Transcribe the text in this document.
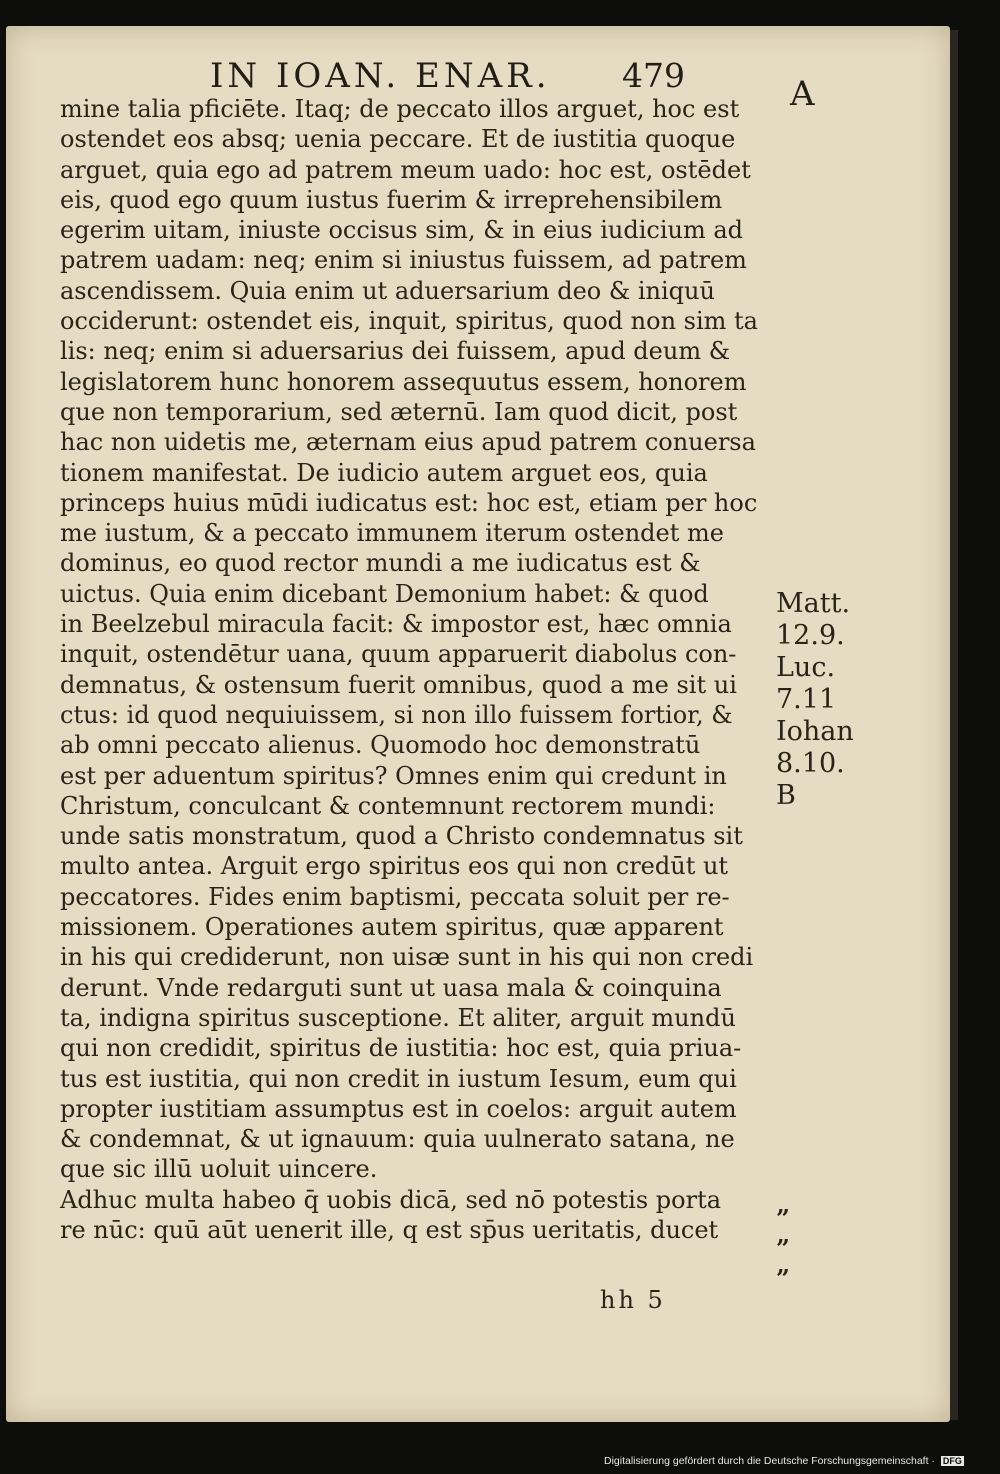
IN IOAN. ENAR. 479	A
mine talia pficiēte. Itaq; de peccato illos arguet, hoc est
ostendet eos absq; uenia peccare. Et de iustitia quoque
arguet, quia ego ad patrem meum uado: hoc est, ostēdet
eis, quod ego quum iustus fuerim & irreprehensibilem
egerim uitam, iniuste occisus sim, & in eius iudicium ad
patrem uadam: neq; enim si iniustus fuissem, ad patrem
ascendissem. Quia enim ut aduersarium deo & iniquū
occiderunt: ostendet eis, inquit, spiritus, quod non sim ta
lis: neq; enim si aduersarius dei fuissem, apud deum &
legislatorem hunc honorem assequutus essem, honorem
que non temporarium, sed æternū. Iam quod dicit, post
hac non uidetis me, æternam eius apud patrem conuersa
tionem manifestat. De iudicio autem arguet eos, quia
princeps huius mūdi iudicatus est: hoc est, etiam per hoc
me iustum, & a peccato immunem iterum ostendet me
dominus, eo quod rector mundi a me iudicatus est &
uictus. Quia enim dicebant Demonium habet: & quod
in Beelzebul miracula facit: & impostor est, hæc omnia
inquit, ostendētur uana, quum apparuerit diabolus con-
demnatus, & ostensum fuerit omnibus, quod a me sit ui
ctus: id quod nequiuissem, si non illo fuissem fortior, &
ab omni peccato alienus. Quomodo hoc demonstratū
est per aduentum spiritus? Omnes enim qui credunt in
Christum, conculcant & contemnunt rectorem mundi:
unde satis monstratum, quod a Christo condemnatus sit
multo antea. Arguit ergo spiritus eos qui non credūt ut
peccatores. Fides enim baptismi, peccata soluit per re-
missionem. Operationes autem spiritus, quæ apparent
in his qui crediderunt, non uisæ sunt in his qui non credi
derunt. Vnde redarguti sunt ut uasa mala & coinquina
ta, indigna spiritus susceptione. Et aliter, arguit mundū
qui non credidit, spiritus de iustitia: hoc est, quia priua-
tus est iustitia, qui non credit in iustum Iesum, eum qui
propter iustitiam assumptus est in coelos: arguit autem
& condemnat, & ut ignauum: quia uulnerato satana, ne
que sic illū uoluit uincere.
Adhuc multa habeo q̄ uobis dicā, sed nō potestis porta
re nūc: quū aūt uenerit ille, q est sp̄us ueritatis, ducet
Matt.
12.9.
Luc.
7.11
Iohan
8.10.
B
”
”
”
hh 5
Digitalisierung gefördert durch die Deutsche Forschungsgemeinschaft · DFG
